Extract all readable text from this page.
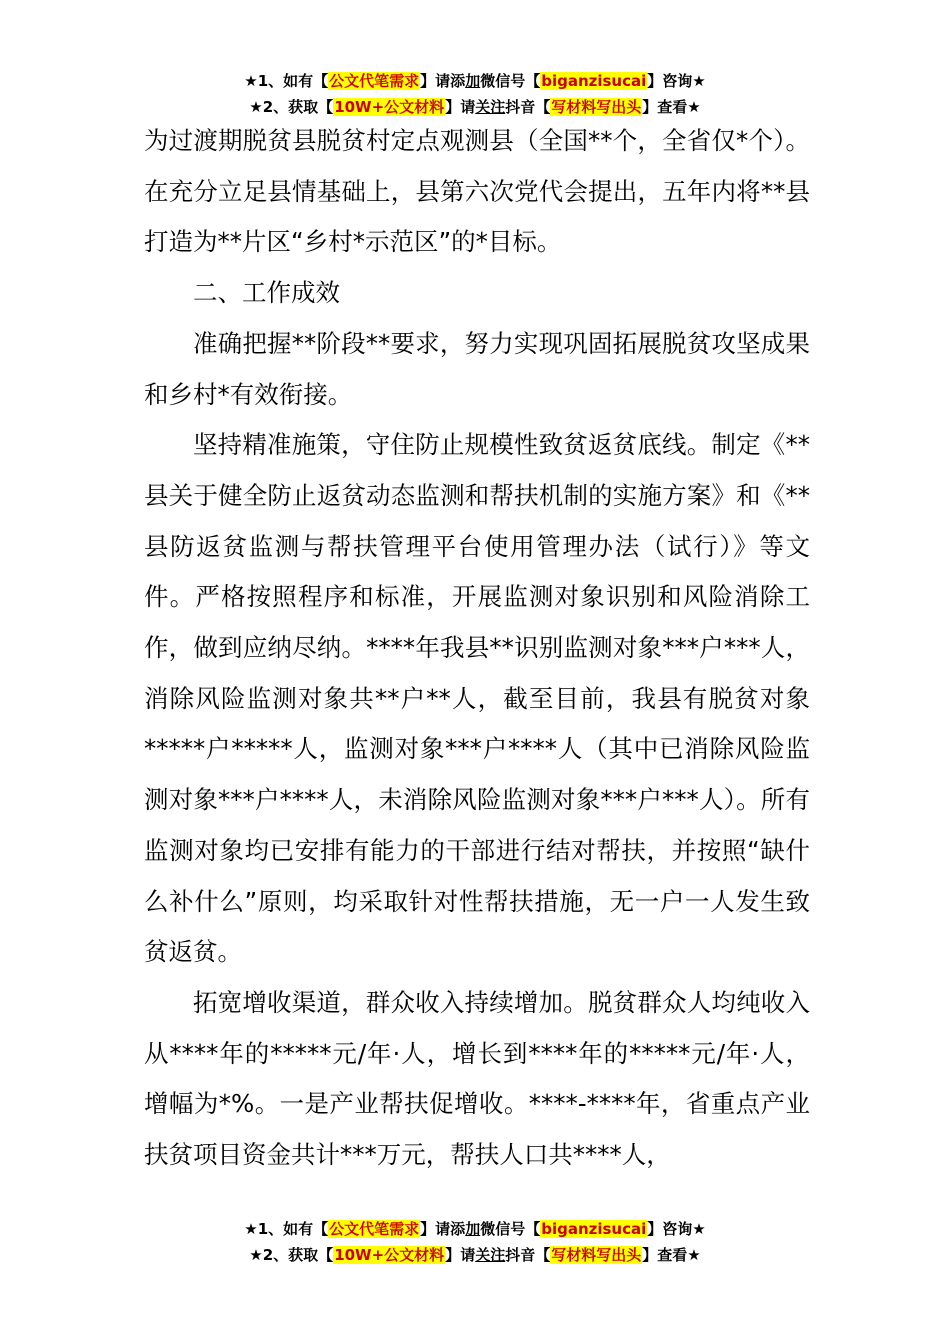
★1、如有【公文代笔需求】请添加微信号【biganzisucai】咨询★
★2、获取【10W+公文材料】请关注抖音【写材料写出头】查看★

为过渡期脱贫县脱贫村定点观测县（全国**个，全省仅*个）。在充分立足县情基础上，县第六次党代会提出，五年内将**县打造为**片区“乡村*示范区”的*目标。

二、工作成效

准确把握**阶段**要求，努力实现巩固拓展脱贫攻坚成果和乡村*有效衔接。

坚持精准施策，守住防止规模性致贫返贫底线。制定《**县关于健全防止返贫动态监测和帮扶机制的实施方案》和《**县防返贫监测与帮扶管理平台使用管理办法（试行）》等文件。严格按照程序和标准，开展监测对象识别和风险消除工作，做到应纳尽纳。****年我县**识别监测对象***户***人，消除风险监测对象共**户**人，截至目前，我县有脱贫对象*****户*****人，监测对象***户****人（其中已消除风险监测对象***户****人，未消除风险监测对象***户***人）。所有监测对象均已安排有能力的干部进行结对帮扶，并按照“缺什么补什么”原则，均采取针对性帮扶措施，无一户一人发生致贫返贫。

拓宽增收渠道，群众收入持续增加。脱贫群众人均纯收入从****年的*****元/年·人，增长到****年的*****元/年·人，增幅为*%。一是产业帮扶促增收。****-****年，省重点产业扶贫项目资金共计***万元，帮扶人口共****人，

★1、如有【公文代笔需求】请添加微信号【biganzisucai】咨询★
★2、获取【10W+公文材料】请关注抖音【写材料写出头】查看★
